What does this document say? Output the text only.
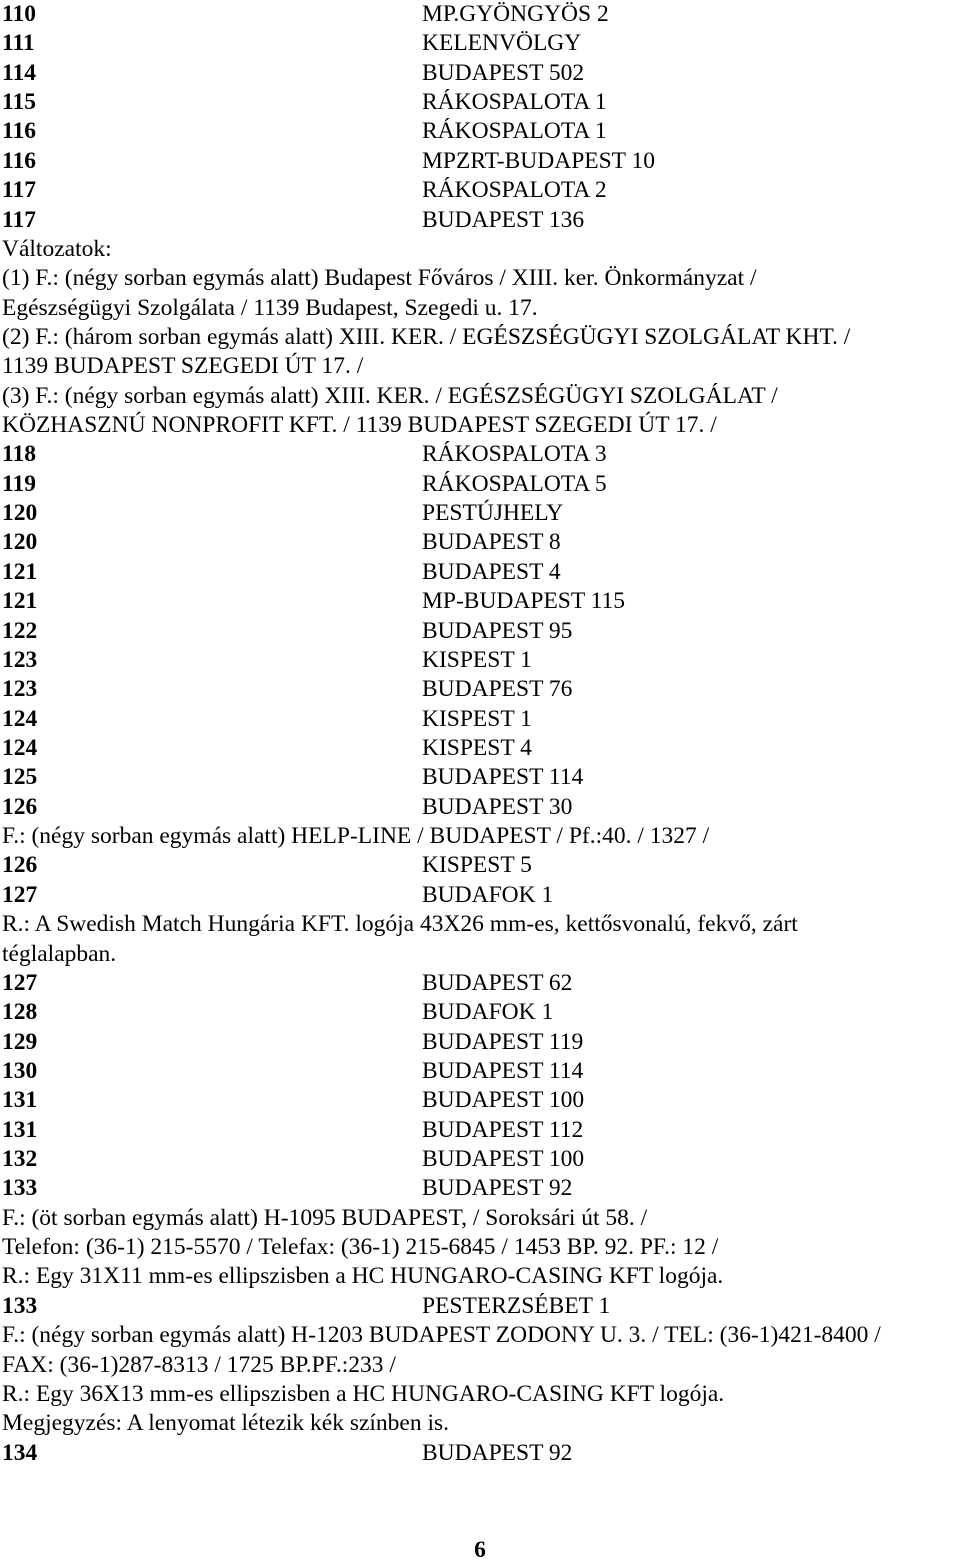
110	MP.GYÖNGYÖS 2
111	KELENVÖLGY
114	BUDAPEST 502
115	RÁKOSPALOTA 1
116	RÁKOSPALOTA 1
116	MPZRT-BUDAPEST 10
117	RÁKOSPALOTA 2
117	BUDAPEST 136
Változatok:
(1) F.: (négy sorban egymás alatt) Budapest Főváros / XIII. ker. Önkormányzat /
Egészségügyi Szolgálata / 1139 Budapest, Szegedi u. 17.
(2) F.: (három sorban egymás alatt) XIII. KER. / EGÉSZSÉGÜGYI SZOLGÁLAT KHT. /
1139 BUDAPEST SZEGEDI ÚT 17. /
(3) F.: (négy sorban egymás alatt) XIII. KER. / EGÉSZSÉGÜGYI SZOLGÁLAT /
KÖZHASZNÚ NONPROFIT KFT. / 1139 BUDAPEST SZEGEDI ÚT 17. /
118	RÁKOSPALOTA 3
119	RÁKOSPALOTA 5
120	PESTÚJHELY
120	BUDAPEST 8
121	BUDAPEST 4
121	MP-BUDAPEST 115
122	BUDAPEST 95
123	KISPEST 1
123	BUDAPEST 76
124	KISPEST 1
124	KISPEST 4
125	BUDAPEST 114
126	BUDAPEST 30
F.: (négy sorban egymás alatt) HELP-LINE / BUDAPEST / Pf.:40. / 1327 /
126	KISPEST 5
127	BUDAFOK 1
R.: A Swedish Match Hungária KFT. logója 43X26 mm-es, kettősvonalú, fekvő, zárt
téglalapban.
127	BUDAPEST 62
128	BUDAFOK 1
129	BUDAPEST 119
130	BUDAPEST 114
131	BUDAPEST 100
131	BUDAPEST 112
132	BUDAPEST 100
133	BUDAPEST 92
F.: (öt sorban egymás alatt) H-1095 BUDAPEST, / Soroksári út 58. /
Telefon: (36-1) 215-5570 / Telefax: (36-1) 215-6845 / 1453 BP. 92. PF.: 12 /
R.: Egy 31X11 mm-es ellipszisben a HC HUNGARO-CASING KFT logója.
133	PESTERZSÉBET 1
F.: (négy sorban egymás alatt) H-1203 BUDAPEST ZODONY U. 3. / TEL: (36-1)421-8400 /
FAX: (36-1)287-8313 / 1725 BP.PF.:233 /
R.: Egy 36X13 mm-es ellipszisben a HC HUNGARO-CASING KFT logója.
Megjegyzés: A lenyomat létezik kék színben is.
134	BUDAPEST 92
6
